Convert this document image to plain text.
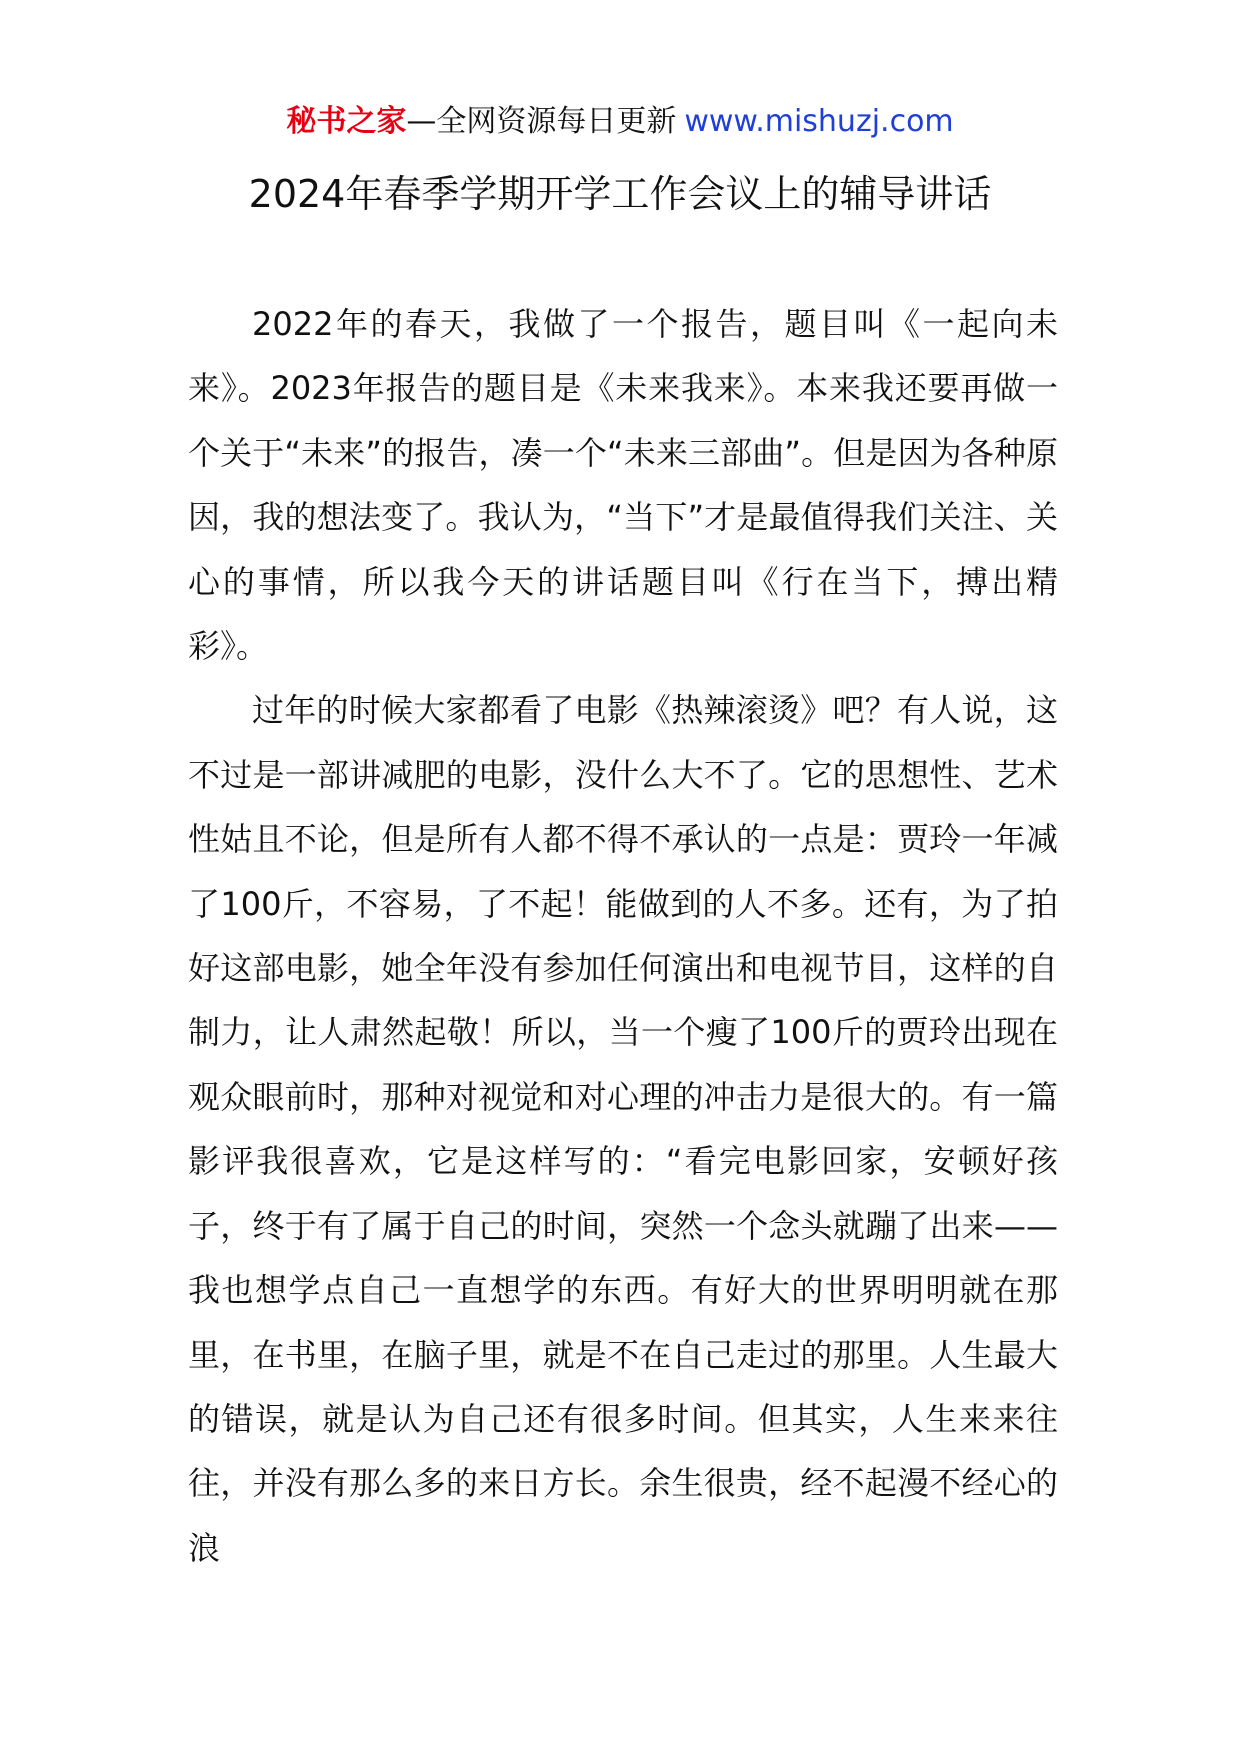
秘书之家—全网资源每日更新 www.mishuzj.com
2024年春季学期开学工作会议上的辅导讲话

2022年的春天，我做了一个报告，题目叫《一起向未来》。2023年报告的题目是《未来我来》。本来我还要再做一个关于“未来”的报告，凑一个“未来三部曲”。但是因为各种原因，我的想法变了。我认为，“当下”才是最值得我们关注、关心的事情，所以我今天的讲话题目叫《行在当下，搏出精彩》。

过年的时候大家都看了电影《热辣滚烫》吧？有人说，这不过是一部讲减肥的电影，没什么大不了。它的思想性、艺术性姑且不论，但是所有人都不得不承认的一点是：贾玲一年减了100斤，不容易，了不起！能做到的人不多。还有，为了拍好这部电影，她全年没有参加任何演出和电视节目，这样的自制力，让人肃然起敬！所以，当一个瘦了100斤的贾玲出现在观众眼前时，那种对视觉和对心理的冲击力是很大的。有一篇影评我很喜欢，它是这样写的：“看完电影回家，安顿好孩子，终于有了属于自己的时间，突然一个念头就蹦了出来——我也想学点自己一直想学的东西。有好大的世界明明就在那里，在书里，在脑子里，就是不在自己走过的那里。人生最大的错误，就是认为自己还有很多时间。但其实，人生来来往往，并没有那么多的来日方长。余生很贵，经不起漫不经心的浪
